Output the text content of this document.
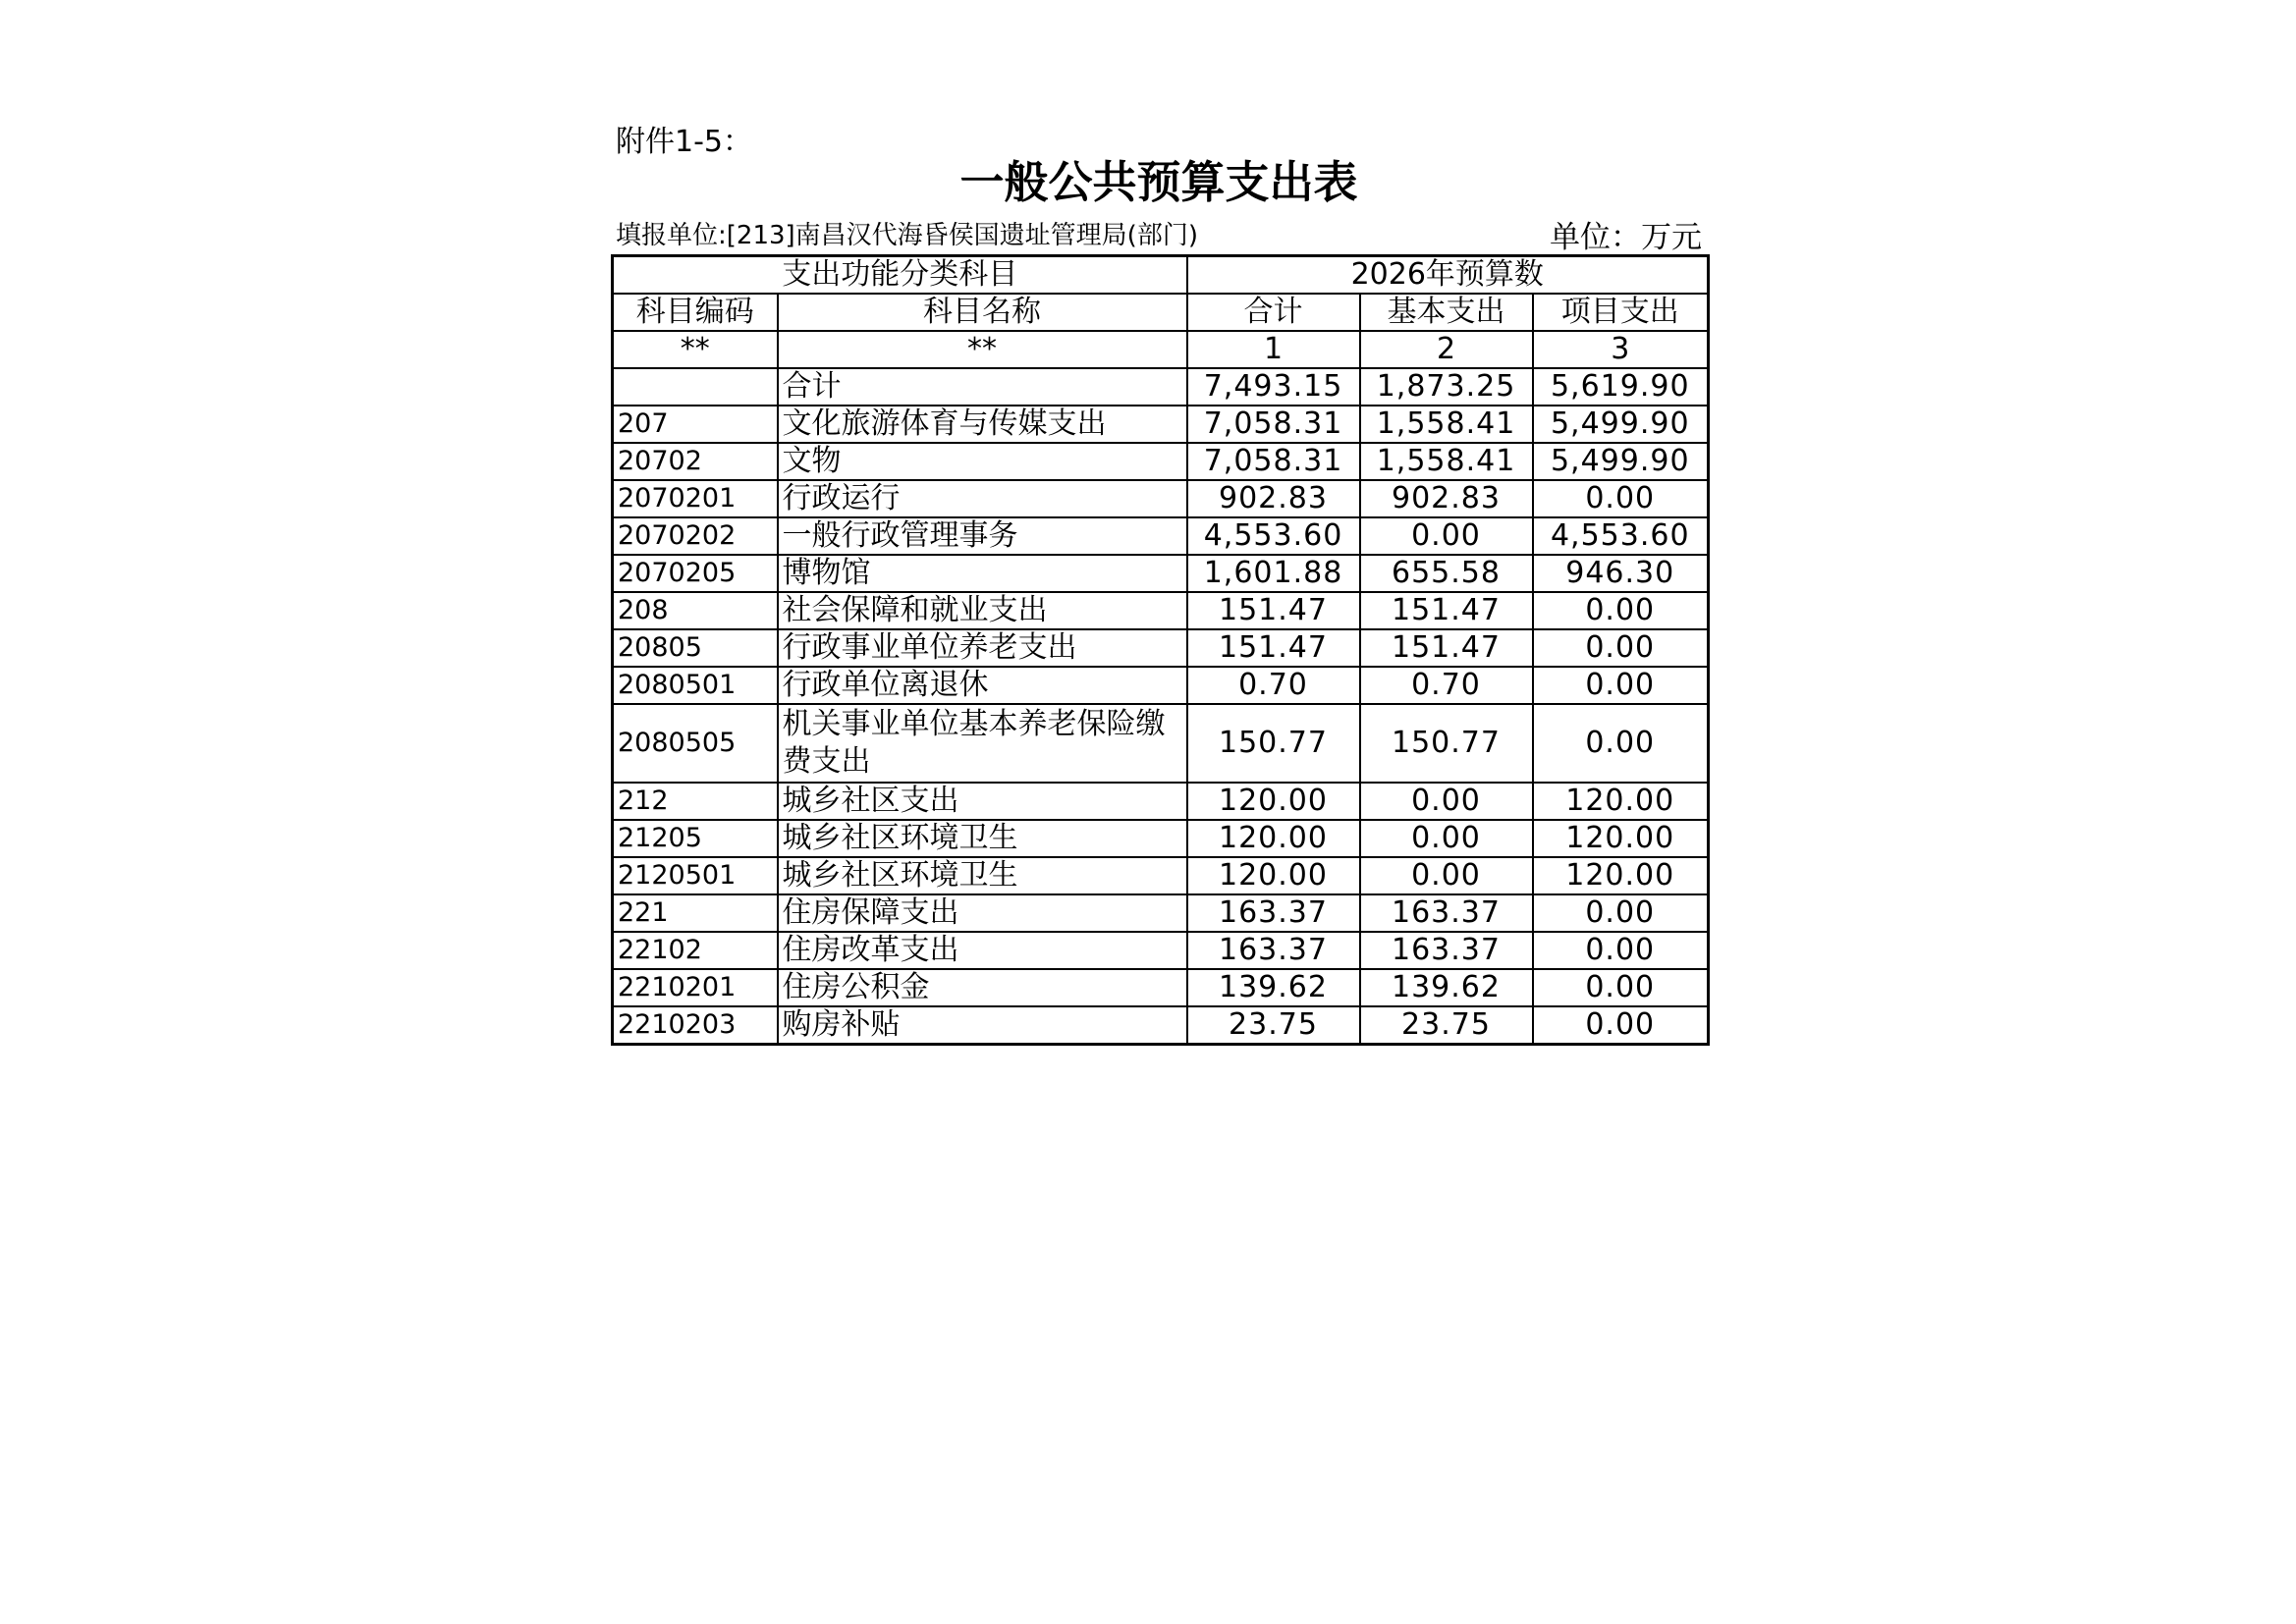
附件1-5：
一般公共预算支出表
填报单位:[213]南昌汉代海昏侯国遗址管理局(部门)	单位：万元
支出功能分类科目		2026年预算数		
科目编码	科目名称	合计	基本支出	项目支出
**	**	1	2	3
	合计	7,493.15	1,873.25	5,619.90
207	文化旅游体育与传媒支出	7,058.31	1,558.41	5,499.90
20702	文物	7,058.31	1,558.41	5,499.90
2070201	行政运行	902.83	902.83	0.00
2070202	一般行政管理事务	4,553.60	0.00	4,553.60
2070205	博物馆	1,601.88	655.58	946.30
208	社会保障和就业支出	151.47	151.47	0.00
20805	行政事业单位养老支出	151.47	151.47	0.00
2080501	行政单位离退休	0.70	0.70	0.00
2080505	机关事业单位基本养老保险缴费支出	150.77	150.77	0.00
212	城乡社区支出	120.00	0.00	120.00
21205	城乡社区环境卫生	120.00	0.00	120.00
2120501	城乡社区环境卫生	120.00	0.00	120.00
221	住房保障支出	163.37	163.37	0.00
22102	住房改革支出	163.37	163.37	0.00
2210201	住房公积金	139.62	139.62	0.00
2210203	购房补贴	23.75	23.75	0.00
